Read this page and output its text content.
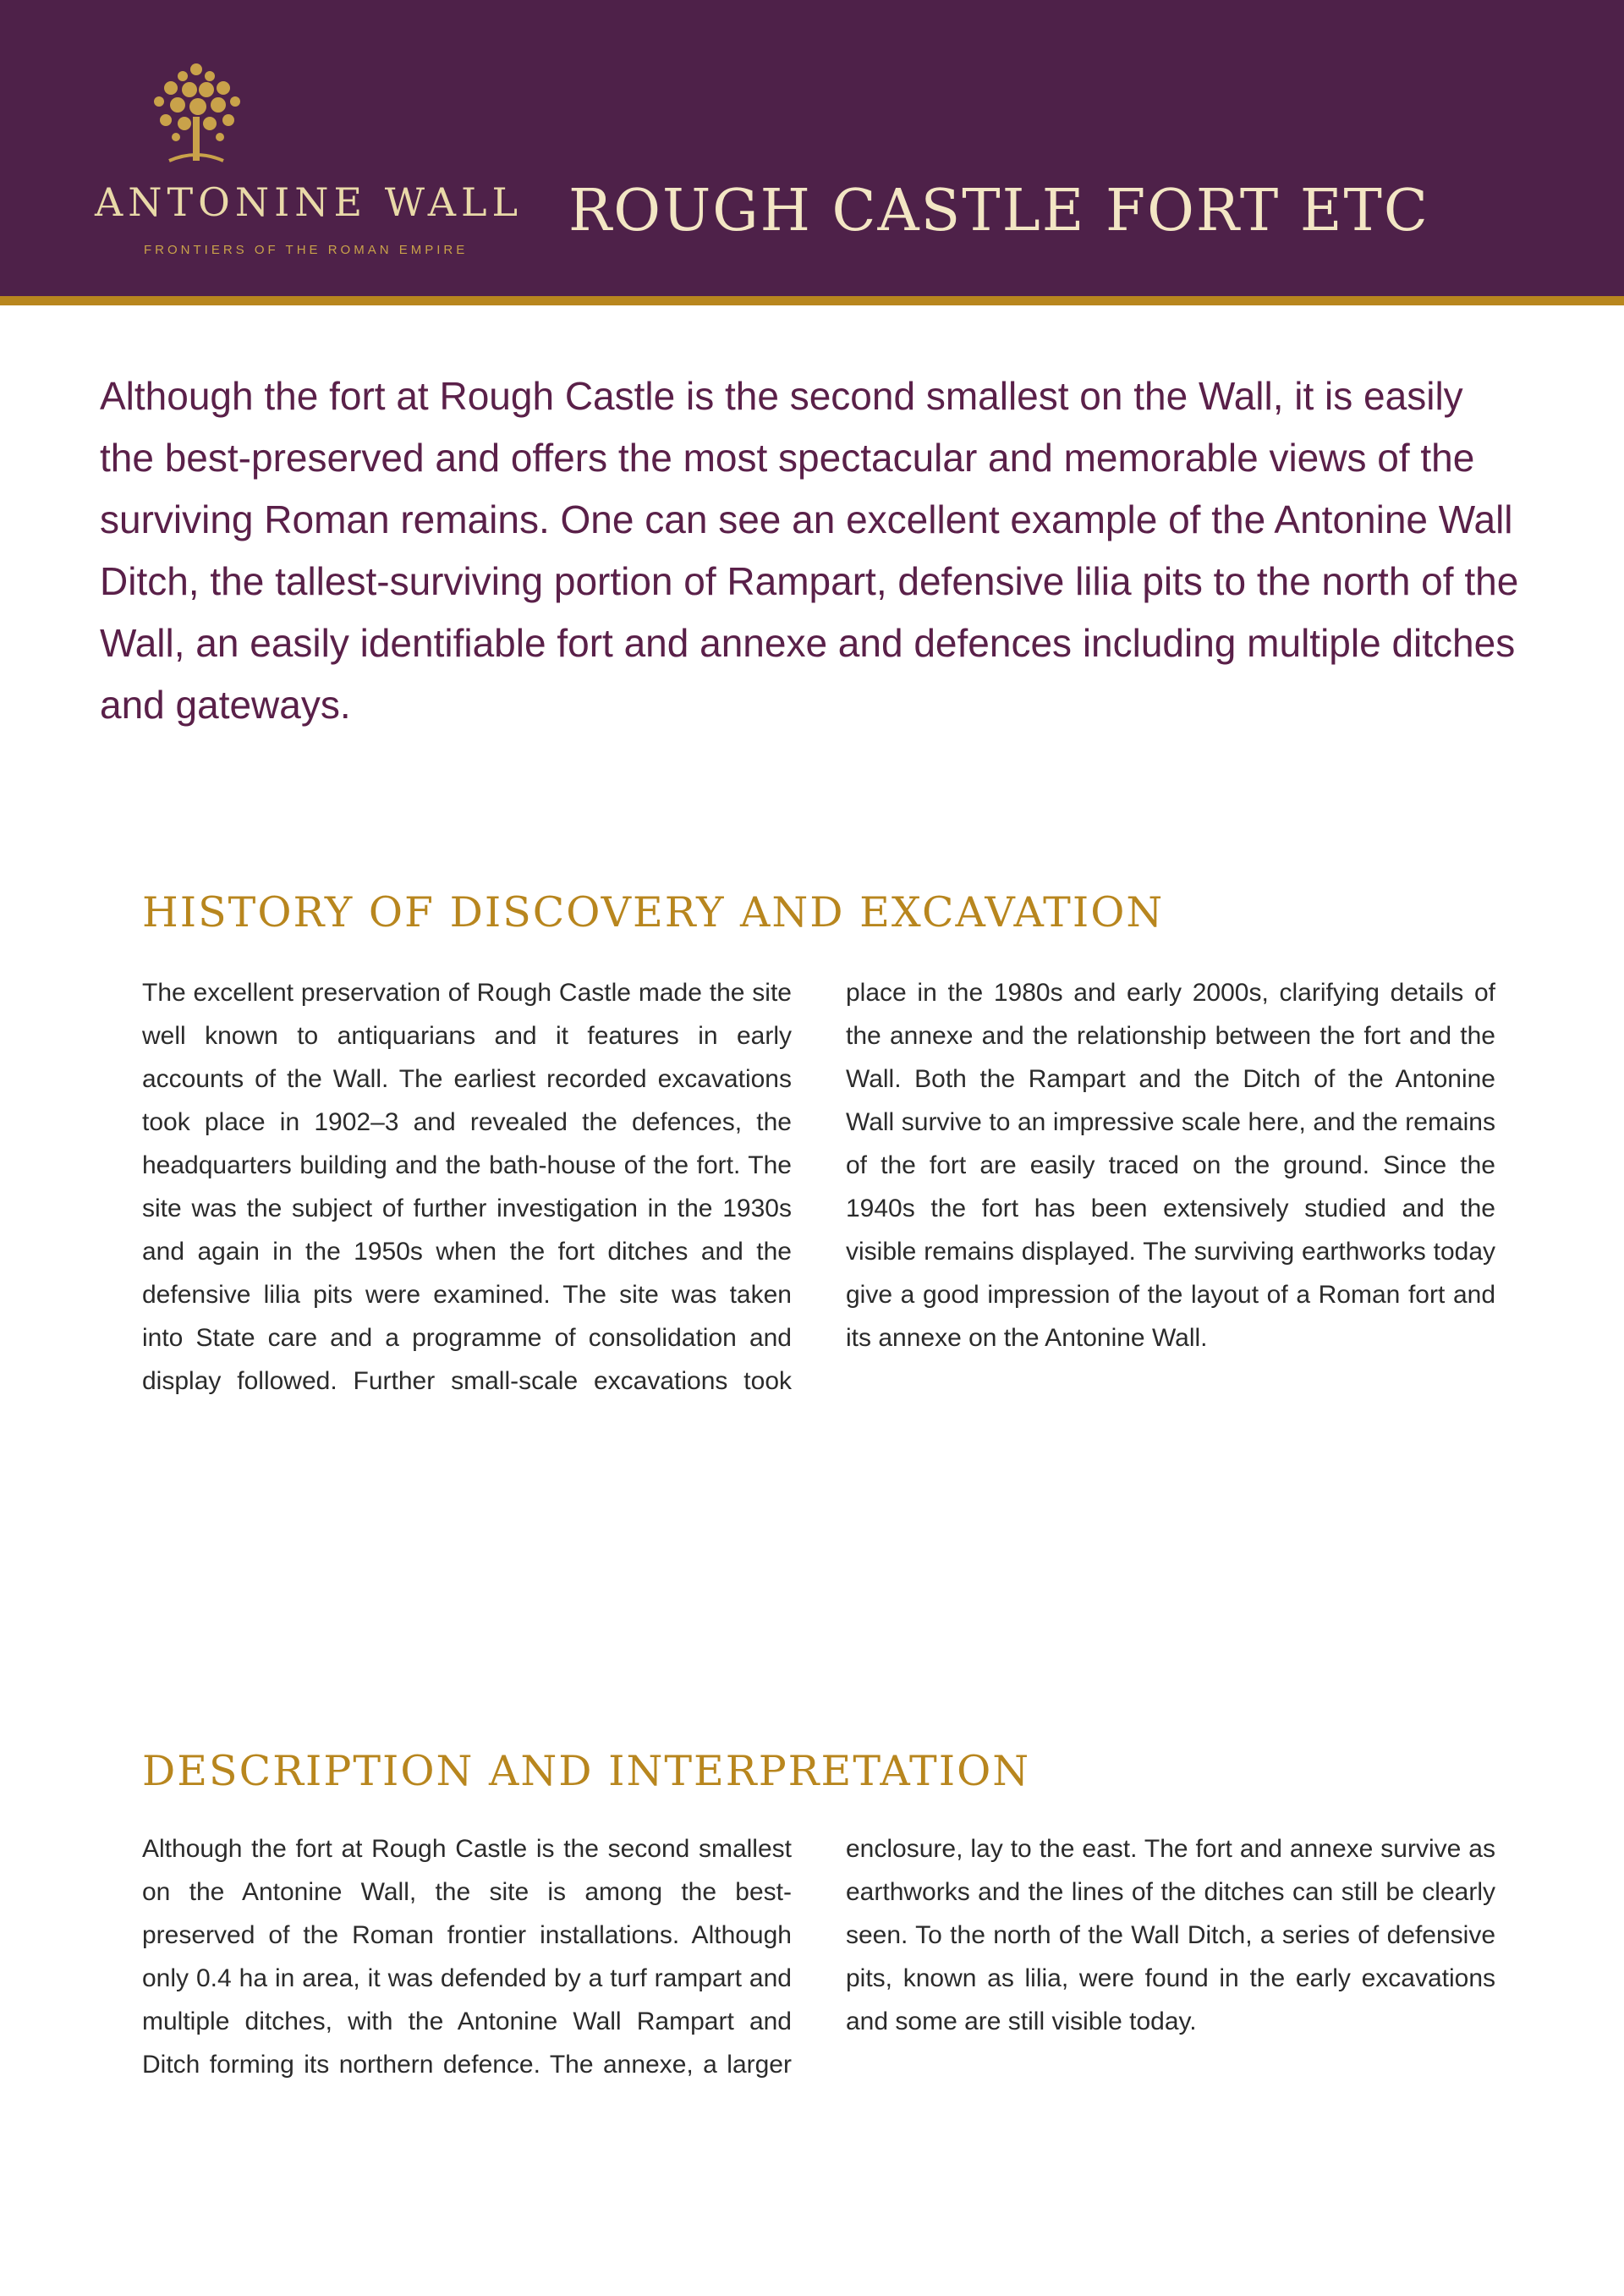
ANTONINE WALL
FRONTIERS OF THE ROMAN EMPIRE
ROUGH CASTLE FORT ETC

Although the fort at Rough Castle is the second smallest on the Wall, it is easily the best-preserved and offers the most spectacular and memorable views of the surviving Roman remains. One can see an excellent example of the Antonine Wall Ditch, the tallest-surviving portion of Rampart, defensive lilia pits to the north of the Wall, an easily identifiable fort and annexe and defences including multiple ditches and gateways.

HISTORY OF DISCOVERY AND EXCAVATION

The excellent preservation of Rough Castle made the site well known to antiquarians and it features in early accounts of the Wall. The earliest recorded excavations took place in 1902–3 and revealed the defences, the headquarters building and the bath-house of the fort. The site was the subject of further investigation in the 1930s and again in the 1950s when the fort ditches and the defensive lilia pits were examined. The site was taken into State care and a programme of consolidation and display followed. Further small-scale excavations took place in the 1980s and early 2000s, clarifying details of the annexe and the relationship between the fort and the Wall. Both the Rampart and the Ditch of the Antonine Wall survive to an impressive scale here, and the remains of the fort are easily traced on the ground. Since the 1940s the fort has been extensively studied and the visible remains displayed. The surviving earthworks today give a good impression of the layout of a Roman fort and its annexe on the Antonine Wall.

DESCRIPTION AND INTERPRETATION

Although the fort at Rough Castle is the second smallest on the Antonine Wall, the site is among the best-preserved of the Roman frontier installations. Although only 0.4 ha in area, it was defended by a turf rampart and multiple ditches, with the Antonine Wall Rampart and Ditch forming its northern defence. The annexe, a larger enclosure, lay to the east. The fort and annexe survive as earthworks and the lines of the ditches can still be clearly seen. To the north of the Wall Ditch, a series of defensive pits, known as lilia, were found in the early excavations and some are still visible today.
